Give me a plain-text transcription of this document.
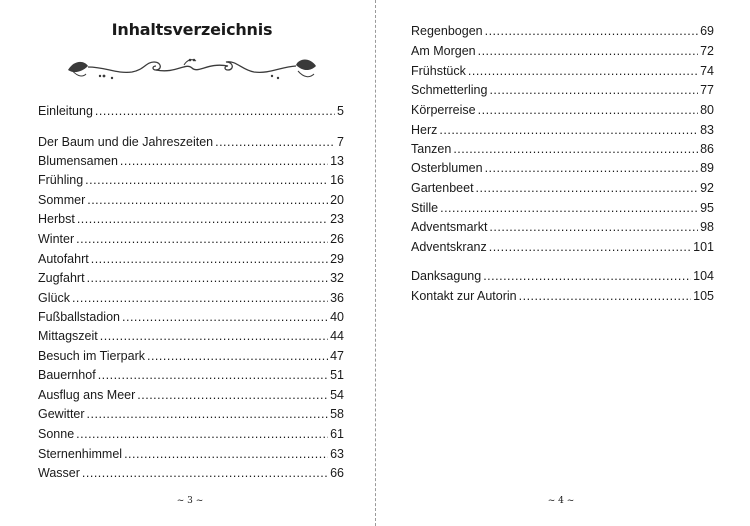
Inhaltsverzeichnis
Einleitung .....	5
Der Baum und die Jahreszeiten .....	7
Blumensamen .....	13
Frühling .....	16
Sommer .....	20
Herbst .....	23
Winter .....	26
Autofahrt .....	29
Zugfahrt .....	32
Glück .....	36
Fußballstadion .....	40
Mittagszeit .....	44
Besuch im Tierpark .....	47
Bauernhof .....	51
Ausflug ans Meer .....	54
Gewitter .....	58
Sonne .....	61
Sternenhimmel .....	63
Wasser .....	66
~ 3 ~
Regenbogen .....	69
Am Morgen .....	72
Frühstück .....	74
Schmetterling .....	77
Körperreise .....	80
Herz .....	83
Tanzen .....	86
Osterblumen .....	89
Gartenbeet .....	92
Stille .....	95
Adventsmarkt .....	98
Adventskranz .....	101
Danksagung .....	104
Kontakt zur Autorin .....	105
~ 4 ~
